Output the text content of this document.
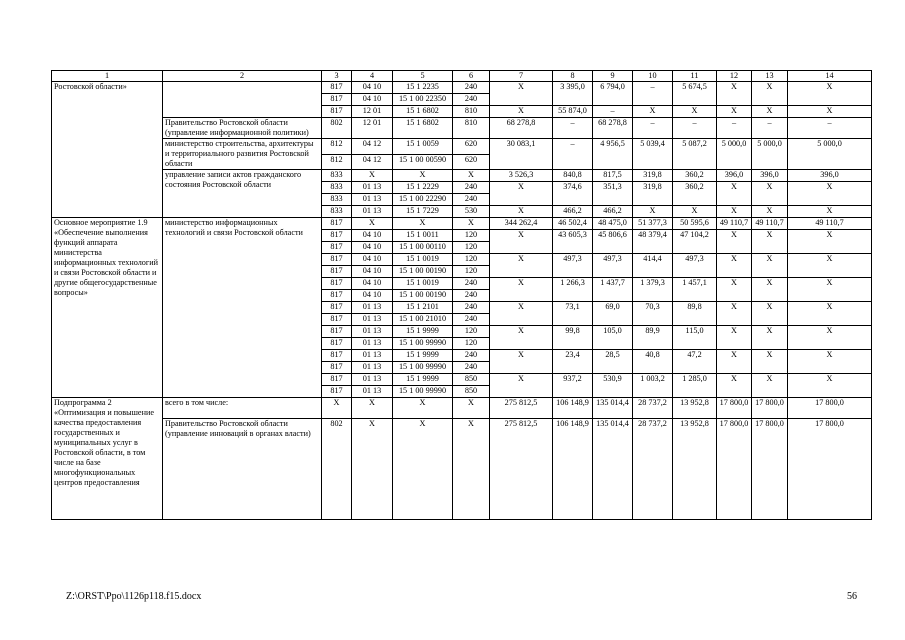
1	2	3	4	5	6	7	8	9	10	11	12	13	14
Ростовской области»		817	04 10	15 1 2235	240	X	3 395,0	6 794,0	–	5 674,5	X	X	X
		817	04 10	15 1 00 22350	240								
		817	12 01	15 1 6802	810	X	55 874,0	–	X	X	X	X	X
	Правительство Ростовской области (управление информационной политики)	802	12 01	15 1 6802	810	68 278,8	–	68 278,8	–	–	–	–	–
	министерство строительства, архитектуры и территориального развития Ростовской области	812	04 12	15 1 0059	620	30 083,1	–	4 956,5	5 039,4	5 087,2	5 000,0	5 000,0	5 000,0
		812	04 12	15 1 00 00590	620								
	управление записи актов гражданского состояния Ростовской области	833	X	X	X	3 526,3	840,8	817,5	319,8	360,2	396,0	396,0	396,0
		833	01 13	15 1 2229	240	X	374,6	351,3	319,8	360,2	X	X	X
		833	01 13	15 1 00 22290	240								
		833	01 13	15 1 7229	530	X	466,2	466,2	X	X	X	X	X
Основное мероприятие 1.9 «Обеспечение выполнения функций аппарата министерства информационных технологий и связи Ростовской области и другие общегосударственные вопросы»	министерство информационных технологий и связи Ростовской области	817	X	X	X	344 262,4	46 502,4	48 475,0	51 377,3	50 595,6	49 110,7	49 110,7	49 110,7
		817	04 10	15 1 0011	120	X	43 605,3	45 806,6	48 379,4	47 104,2	X	X	X
		817	04 10	15 1 00 00110	120								
		817	04 10	15 1 0019	120	X	497,3	497,3	414,4	497,3	X	X	X
		817	04 10	15 1 00 00190	120								
		817	04 10	15 1 0019	240	X	1 266,3	1 437,7	1 379,3	1 457,1	X	X	X
		817	04 10	15 1 00 00190	240								
		817	01 13	15 1 2101	240	X	73,1	69,0	70,3	89,8	X	X	X
		817	01 13	15 1 00 21010	240								
		817	01 13	15 1 9999	120	X	99,8	105,0	89,9	115,0	X	X	X
		817	01 13	15 1 00 99990	120								
		817	01 13	15 1 9999	240	X	23,4	28,5	40,8	47,2	X	X	X
		817	01 13	15 1 00 99990	240								
		817	01 13	15 1 9999	850	X	937,2	530,9	1 003,2	1 285,0	X	X	X
		817	01 13	15 1 00 99990	850								
Подпрограмма 2 «Оптимизация и повышение качества предоставления государственных и муниципальных услуг в Ростовской области, в том числе на базе многофункциональных центров предоставления	всего в том числе:	X	X	X	X	275 812,5	106 148,9	135 014,4	28 737,2	13 952,8	17 800,0	17 800,0	17 800,0
	Правительство Ростовской области (управление инноваций в органах власти)	802	X	X	X	275 812,5	106 148,9	135 014,4	28 737,2	13 952,8	17 800,0	17 800,0	17 800,0
Z:\ORST\Ppo\1126p118.f15.docx	56
